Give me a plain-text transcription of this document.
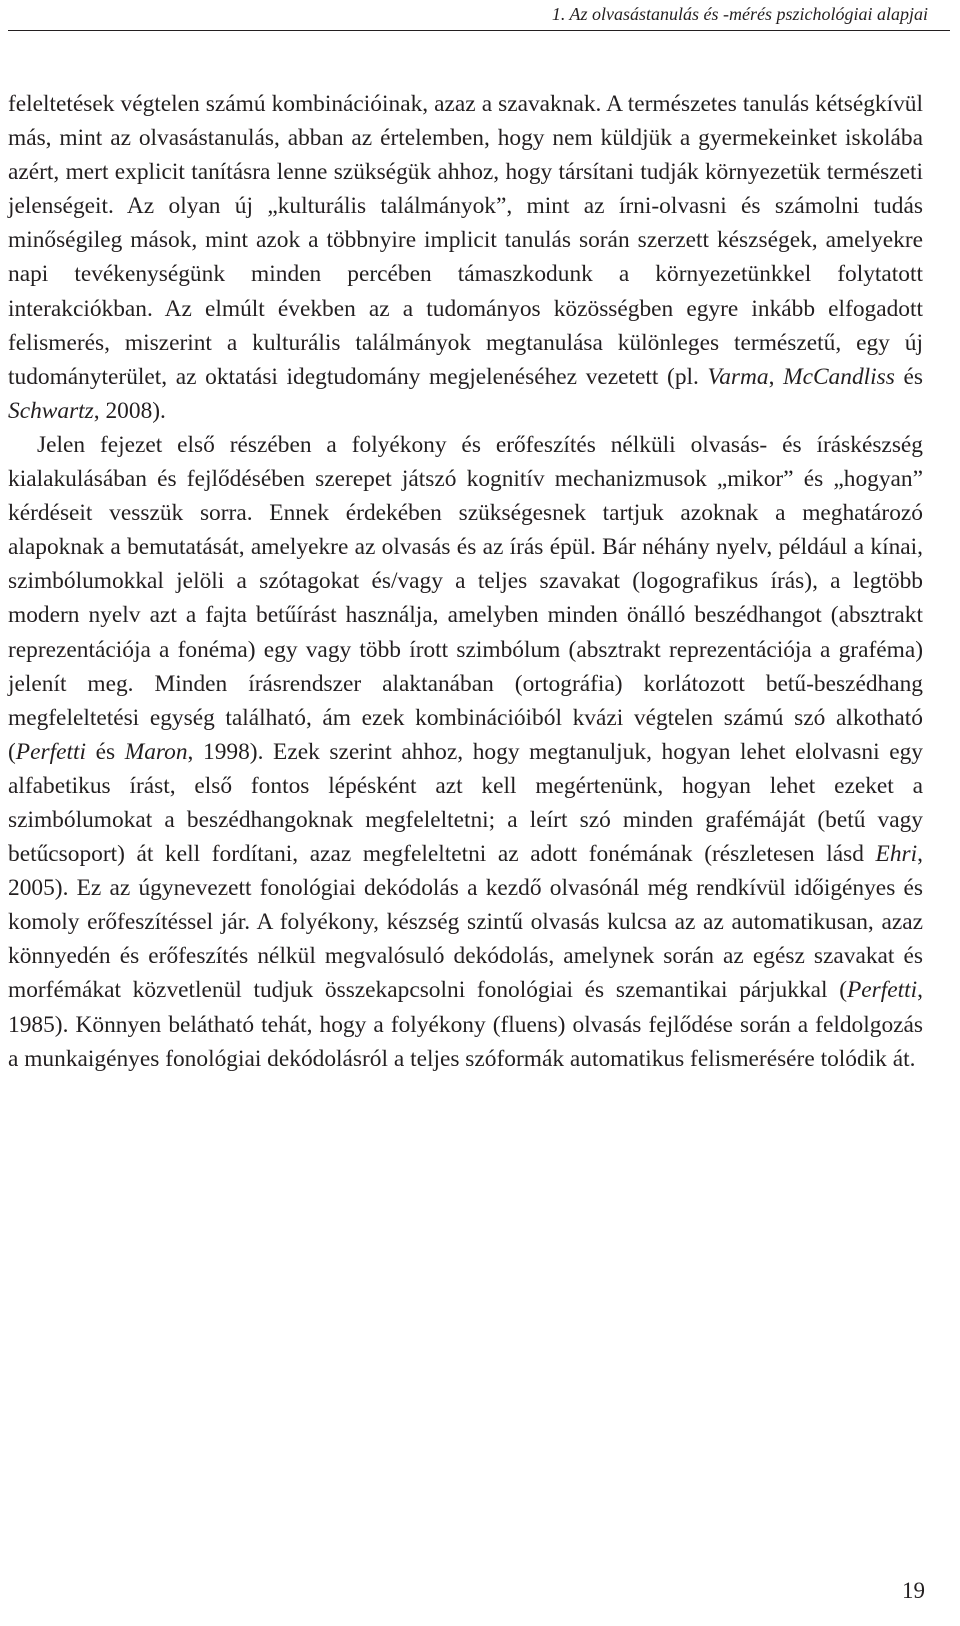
1. Az olvasástanulás és -mérés pszichológiai alapjai

feleltetések végtelen számú kombinációinak, azaz a szavaknak. A természetes tanulás kétségkívül más, mint az olvasástanulás, abban az értelemben, hogy nem küldjük a gyermekeinket iskolába azért, mert explicit tanításra lenne szükségük ahhoz, hogy társítani tudják környezetük természeti jelenségeit. Az olyan új „kulturális találmányok”, mint az írni-olvasni és számolni tudás minőségileg mások, mint azok a többnyire implicit tanulás során szerzett készségek, amelyekre napi tevékenységünk minden percében támaszkodunk a környezetünkkel folytatott interakciókban. Az elmúlt években az a tudományos közösségben egyre inkább elfogadott felismerés, miszerint a kulturális találmányok megtanulása különleges természetű, egy új tudományterület, az oktatási idegtudomány megjelenéséhez vezetett (pl. Varma, McCandliss és Schwartz, 2008).

Jelen fejezet első részében a folyékony és erőfeszítés nélküli olvasás- és íráskészség kialakulásában és fejlődésében szerepet játszó kognitív mechanizmusok „mikor” és „hogyan” kérdéseit vesszük sorra. Ennek érdekében szükségesnek tartjuk azoknak a meghatározó alapoknak a bemutatását, amelyekre az olvasás és az írás épül. Bár néhány nyelv, például a kínai, szimbólumokkal jelöli a szótagokat és/vagy a teljes szavakat (logografikus írás), a legtöbb modern nyelv azt a fajta betűírást használja, amelyben minden önálló beszédhangot (absztrakt reprezentációja a fonéma) egy vagy több írott szimbólum (absztrakt reprezentációja a graféma) jelenít meg. Minden írásrendszer alaktanában (ortográfia) korlátozott betű-beszédhang megfeleltetési egység található, ám ezek kombinációiból kvázi végtelen számú szó alkotható (Perfetti és Maron, 1998). Ezek szerint ahhoz, hogy megtanuljuk, hogyan lehet elolvasni egy alfabetikus írást, első fontos lépésként azt kell megértenünk, hogyan lehet ezeket a szimbólumokat a beszédhangoknak megfeleltetni; a leírt szó minden grafémáját (betű vagy betűcsoport) át kell fordítani, azaz megfeleltetni az adott fonémának (részletesen lásd Ehri, 2005). Ez az úgynevezett fonológiai dekódolás a kezdő olvasónál még rendkívül időigényes és komoly erőfeszítéssel jár. A folyékony, készség szintű olvasás kulcsa az az automatikusan, azaz könnyedén és erőfeszítés nélkül megvalósuló dekódolás, amelynek során az egész szavakat és morfémákat közvetlenül tudjuk összekapcsolni fonológiai és szemantikai párjukkal (Perfetti, 1985). Könnyen belátható tehát, hogy a folyékony (fluens) olvasás fejlődése során a feldolgozás a munkaigényes fonológiai dekódolásról a teljes szóformák automatikus felismerésére tolódik át.

19
